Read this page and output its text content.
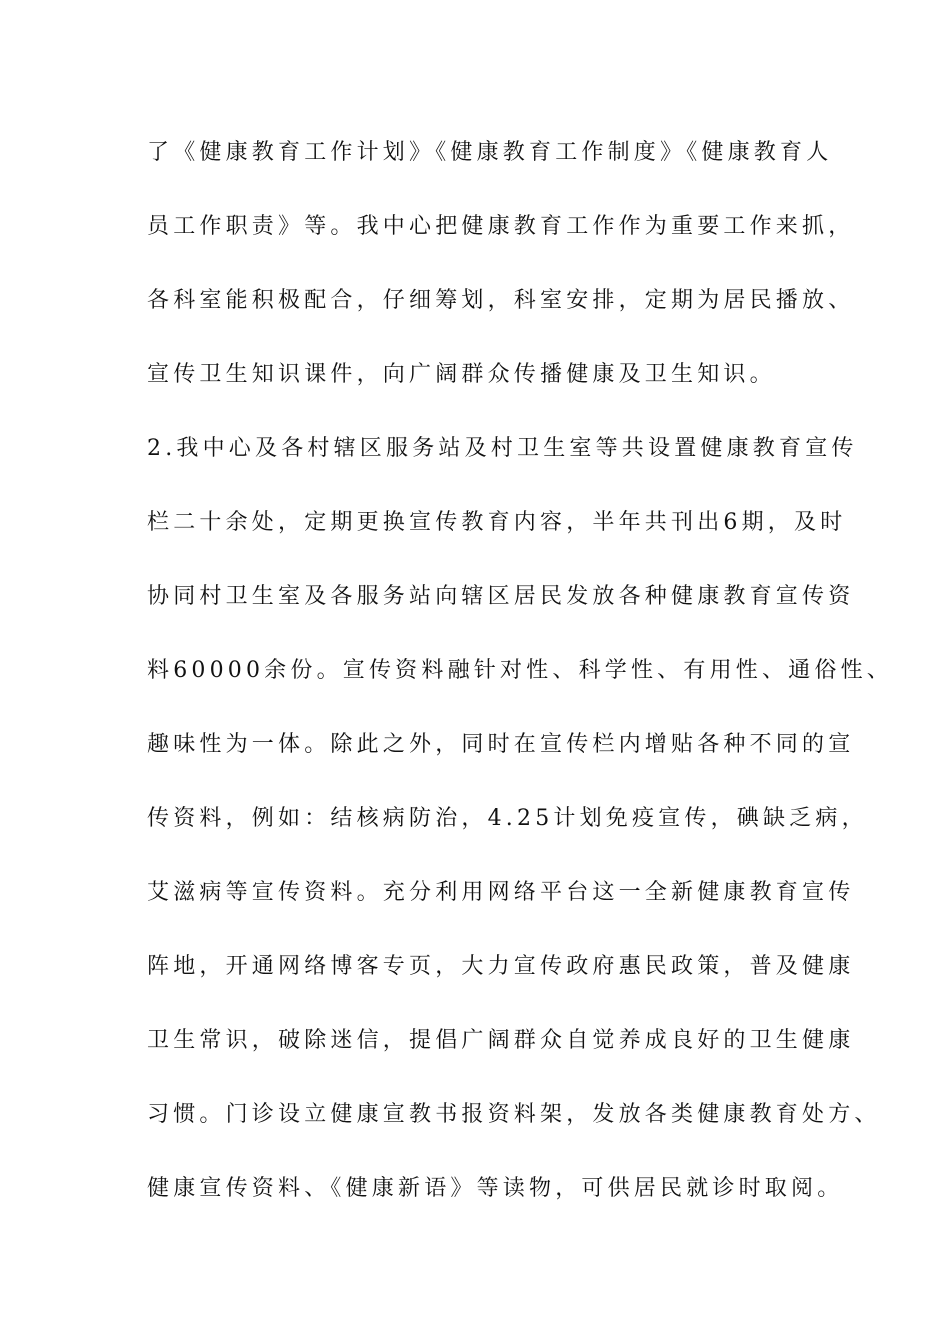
了《健康教育工作计划》《健康教育工作制度》《健康教育人
员工作职责》等。我中心把健康教育工作作为重要工作来抓，
各科室能积极配合，仔细筹划，科室安排，定期为居民播放、
宣传卫生知识课件，向广阔群众传播健康及卫生知识。
2.我中心及各村辖区服务站及村卫生室等共设置健康教育宣传
栏二十余处，定期更换宣传教育内容，半年共刊出6期，及时
协同村卫生室及各服务站向辖区居民发放各种健康教育宣传资
料60000余份。宣传资料融针对性、科学性、有用性、通俗性、
趣味性为一体。除此之外，同时在宣传栏内增贴各种不同的宣
传资料，例如：结核病防治，4.25计划免疫宣传，碘缺乏病，
艾滋病等宣传资料。充分利用网络平台这一全新健康教育宣传
阵地，开通网络博客专页，大力宣传政府惠民政策，普及健康
卫生常识，破除迷信，提倡广阔群众自觉养成良好的卫生健康
习惯。门诊设立健康宣教书报资料架，发放各类健康教育处方、
健康宣传资料、《健康新语》等读物，可供居民就诊时取阅。
